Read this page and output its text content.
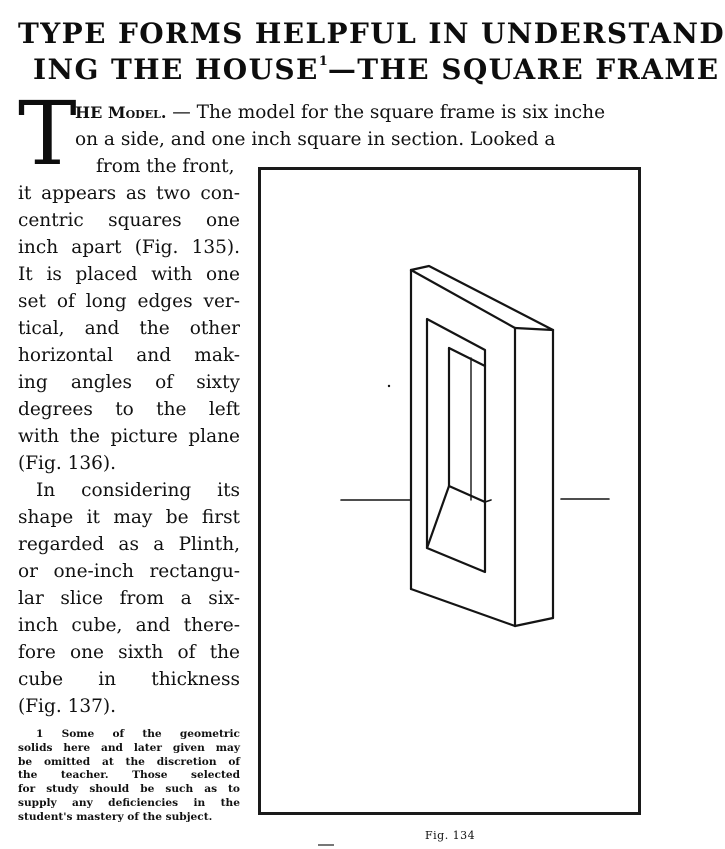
TYPE FORMS HELPFUL IN UNDERSTAND
ING THE HOUSE$^1$—THE SQUARE FRAME
T
HE Model. — The model for the square frame is six inche
on a side, and one inch square in section. Looked a
from the front,
it appears as two con-
centric squares one
inch apart (Fig. 135).
It is placed with one
set of long edges ver-
tical, and the other
horizontal and mak-
ing angles of sixty
degrees to the left
with the picture plane
(Fig. 136).
In considering its
shape it may be first
regarded as a Plinth,
or one-inch rectangu-
lar slice from a six-
inch cube, and there-
fore one sixth of the
cube in thickness
(Fig. 137).
1 Some of the geometric
solids here and later given may
be omitted at the discretion of
the teacher. Those selected
for study should be such as to
supply any deficiencies in the
student's mastery of the subject.
Fig. 134
